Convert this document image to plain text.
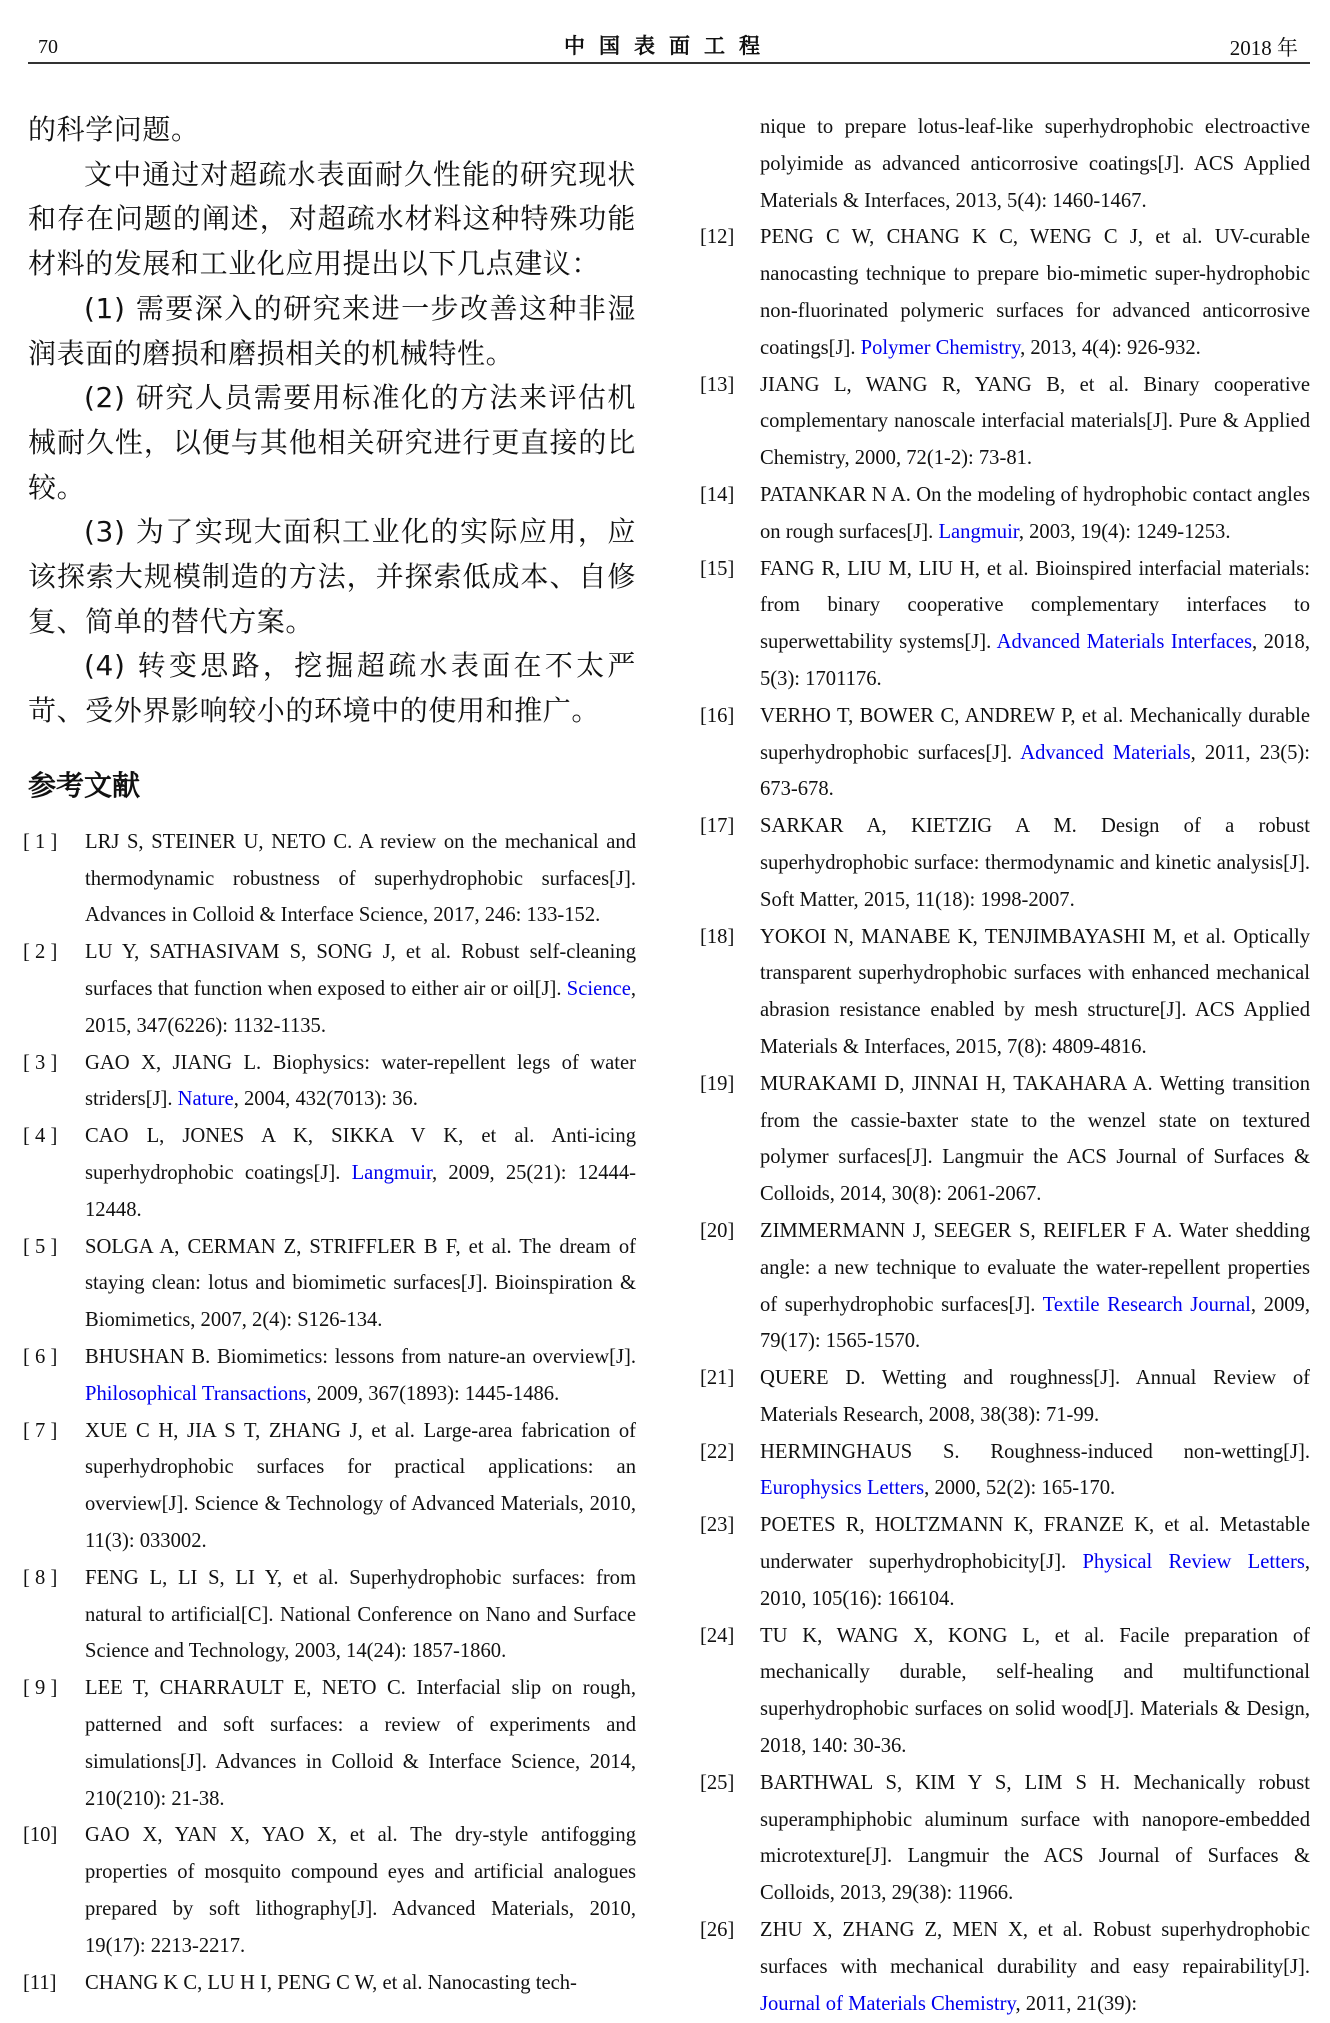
70	中国表面工程	2018 年

的科学问题。

文中通过对超疏水表面耐久性能的研究现状和存在问题的阐述，对超疏水材料这种特殊功能材料的发展和工业化应用提出以下几点建议：

(1) 需要深入的研究来进一步改善这种非湿润表面的磨损和磨损相关的机械特性。

(2) 研究人员需要用标准化的方法来评估机械耐久性，以便与其他相关研究进行更直接的比较。

(3) 为了实现大面积工业化的实际应用，应该探索大规模制造的方法，并探索低成本、自修复、简单的替代方案。

(4) 转变思路，挖掘超疏水表面在不太严苛、受外界影响较小的环境中的使用和推广。

参考文献

[ 1 ] LRJ S, STEINER U, NETO C. A review on the mechanical and thermodynamic robustness of superhydrophobic surfaces[J]. Advances in Colloid & Interface Science, 2017, 246: 133-152.

[ 2 ] LU Y, SATHASIVAM S, SONG J, et al. Robust self-cleaning surfaces that function when exposed to either air or oil[J]. Science, 2015, 347(6226): 1132-1135.

[ 3 ] GAO X, JIANG L. Biophysics: water-repellent legs of water striders[J]. Nature, 2004, 432(7013): 36.

[ 4 ] CAO L, JONES A K, SIKKA V K, et al. Anti-icing superhydrophobic coatings[J]. Langmuir, 2009, 25(21): 12444-12448.

[ 5 ] SOLGA A, CERMAN Z, STRIFFLER B F, et al. The dream of staying clean: lotus and biomimetic surfaces[J]. Bioinspiration & Biomimetics, 2007, 2(4): S126-134.

[ 6 ] BHUSHAN B. Biomimetics: lessons from nature-an overview[J]. Philosophical Transactions, 2009, 367(1893): 1445-1486.

[ 7 ] XUE C H, JIA S T, ZHANG J, et al. Large-area fabrication of superhydrophobic surfaces for practical applications: an overview[J]. Science & Technology of Advanced Materials, 2010, 11(3): 033002.

[ 8 ] FENG L, LI S, LI Y, et al. Superhydrophobic surfaces: from natural to artificial[C]. National Conference on Nano and Surface Science and Technology, 2003, 14(24): 1857-1860.

[ 9 ] LEE T, CHARRAULT E, NETO C. Interfacial slip on rough, patterned and soft surfaces: a review of experiments and simulations[J]. Advances in Colloid & Interface Science, 2014, 210(210): 21-38.

[10] GAO X, YAN X, YAO X, et al. The dry-style antifogging properties of mosquito compound eyes and artificial analogues prepared by soft lithography[J]. Advanced Materials, 2010, 19(17): 2213-2217.

[11] CHANG K C, LU H I, PENG C W, et al. Nanocasting tech-

nique to prepare lotus-leaf-like superhydrophobic electroactive polyimide as advanced anticorrosive coatings[J]. ACS Applied Materials & Interfaces, 2013, 5(4): 1460-1467.

[12] PENG C W, CHANG K C, WENG C J, et al. UV-curable nanocasting technique to prepare bio-mimetic super-hydrophobic non-fluorinated polymeric surfaces for advanced anticorrosive coatings[J]. Polymer Chemistry, 2013, 4(4): 926-932.

[13] JIANG L, WANG R, YANG B, et al. Binary cooperative complementary nanoscale interfacial materials[J]. Pure & Applied Chemistry, 2000, 72(1-2): 73-81.

[14] PATANKAR N A. On the modeling of hydrophobic contact angles on rough surfaces[J]. Langmuir, 2003, 19(4): 1249-1253.

[15] FANG R, LIU M, LIU H, et al. Bioinspired interfacial materials: from binary cooperative complementary interfaces to superwettability systems[J]. Advanced Materials Interfaces, 2018, 5(3): 1701176.

[16] VERHO T, BOWER C, ANDREW P, et al. Mechanically durable superhydrophobic surfaces[J]. Advanced Materials, 2011, 23(5): 673-678.

[17] SARKAR A, KIETZIG A M. Design of a robust superhydrophobic surface: thermodynamic and kinetic analysis[J]. Soft Matter, 2015, 11(18): 1998-2007.

[18] YOKOI N, MANABE K, TENJIMBAYASHI M, et al. Optically transparent superhydrophobic surfaces with enhanced mechanical abrasion resistance enabled by mesh structure[J]. ACS Applied Materials & Interfaces, 2015, 7(8): 4809-4816.

[19] MURAKAMI D, JINNAI H, TAKAHARA A. Wetting transition from the cassie-baxter state to the wenzel state on textured polymer surfaces[J]. Langmuir the ACS Journal of Surfaces & Colloids, 2014, 30(8): 2061-2067.

[20] ZIMMERMANN J, SEEGER S, REIFLER F A. Water shedding angle: a new technique to evaluate the water-repellent properties of superhydrophobic surfaces[J]. Textile Research Journal, 2009, 79(17): 1565-1570.

[21] QUERE D. Wetting and roughness[J]. Annual Review of Materials Research, 2008, 38(38): 71-99.

[22] HERMINGHAUS S. Roughness-induced non-wetting[J]. Europhysics Letters, 2000, 52(2): 165-170.

[23] POETES R, HOLTZMANN K, FRANZE K, et al. Metastable underwater superhydrophobicity[J]. Physical Review Letters, 2010, 105(16): 166104.

[24] TU K, WANG X, KONG L, et al. Facile preparation of mechanically durable, self-healing and multifunctional superhydrophobic surfaces on solid wood[J]. Materials & Design, 2018, 140: 30-36.

[25] BARTHWAL S, KIM Y S, LIM S H. Mechanically robust superamphiphobic aluminum surface with nanopore-embedded microtexture[J]. Langmuir the ACS Journal of Surfaces & Colloids, 2013, 29(38): 11966.

[26] ZHU X, ZHANG Z, MEN X, et al. Robust superhydrophobic surfaces with mechanical durability and easy repairability[J]. Journal of Materials Chemistry, 2011, 21(39):
